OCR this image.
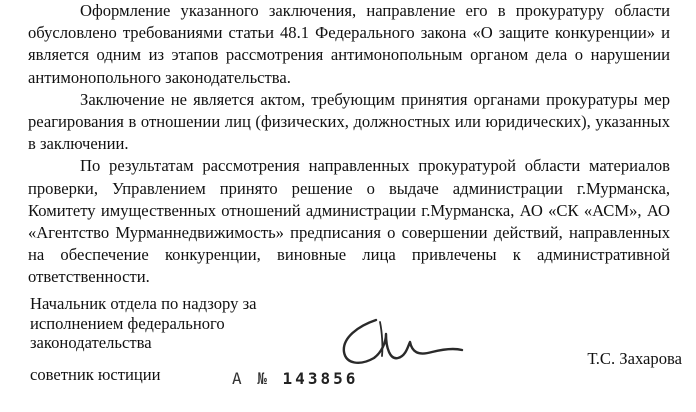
Оформление указанного заключения, направление его в прокуратуру области обусловлено требованиями статьи 48.1 Федерального закона «О защите конкуренции» и является одним из этапов рассмотрения антимонопольным органом дела о нарушении антимонопольного законодательства.

Заключение не является актом, требующим принятия органами прокуратуры мер реагирования в отношении лиц (физических, должностных или юридических), указанных в заключении.

По результатам рассмотрения направленных прокуратурой области материалов проверки, Управлением принято решение о выдаче администрации г.Мурманска, Комитету имущественных отношений администрации г.Мурманска, АО «СК «АСМ», АО «Агентство Мурманнедвижимость» предписания о совершении действий, направленных на обеспечение конкуренции, виновные лица привлечены к административной ответственности.

Начальник отдела по надзору за
исполнением федерального
законодательства
советник юстиции
Т.С. Захарова
А № 143856
